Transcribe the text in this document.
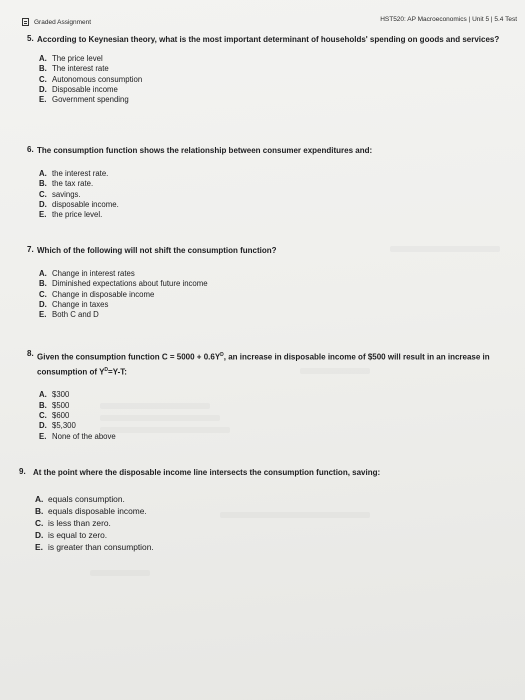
Graded Assignment	HST520: AP Macroeconomics | Unit 5 | 5.4 Test
5. According to Keynesian theory, what is the most important determinant of households' spending on goods and services?
A. The price level
B. The interest rate
C. Autonomous consumption
D. Disposable income
E. Government spending
6. The consumption function shows the relationship between consumer expenditures and:
A. the interest rate.
B. the tax rate.
C. savings.
D. disposable income.
E. the price level.
7. Which of the following will not shift the consumption function?
A. Change in interest rates
B. Diminished expectations about future income
C. Change in disposable income
D. Change in taxes
E. Both C and D
8. Given the consumption function $C = 5000 + 0.6Y^D$, an increase in disposable income of $500 will result in an increase in consumption of $Y^D=Y-T$:
A. $300
B. $500
C. $600
D. $5,300
E. None of the above
9. At the point where the disposable income line intersects the consumption function, saving:
A. equals consumption.
B. equals disposable income.
C. is less than zero.
D. is equal to zero.
E. is greater than consumption.
